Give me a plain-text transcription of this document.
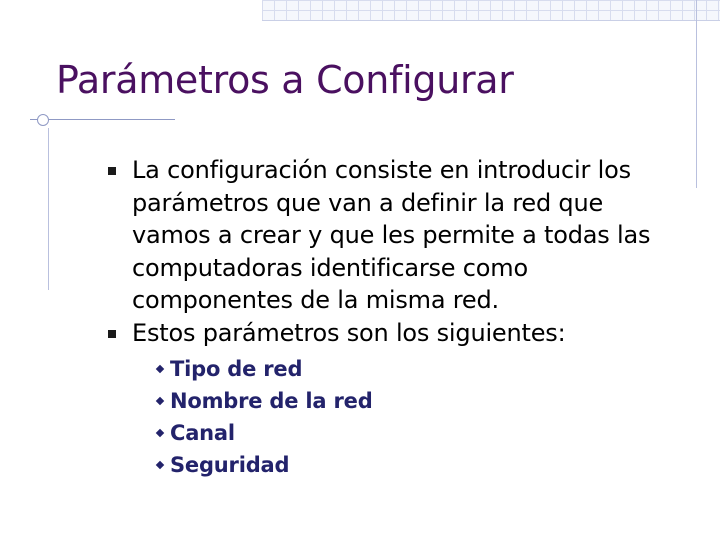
Parámetros a Configurar
La configuración consiste en introducir los parámetros que van a definir la red que vamos a crear y que les permite a todas las computadoras identificarse como componentes de la misma red.
Estos parámetros son los siguientes:
Tipo de red
Nombre de la red
Canal
Seguridad
